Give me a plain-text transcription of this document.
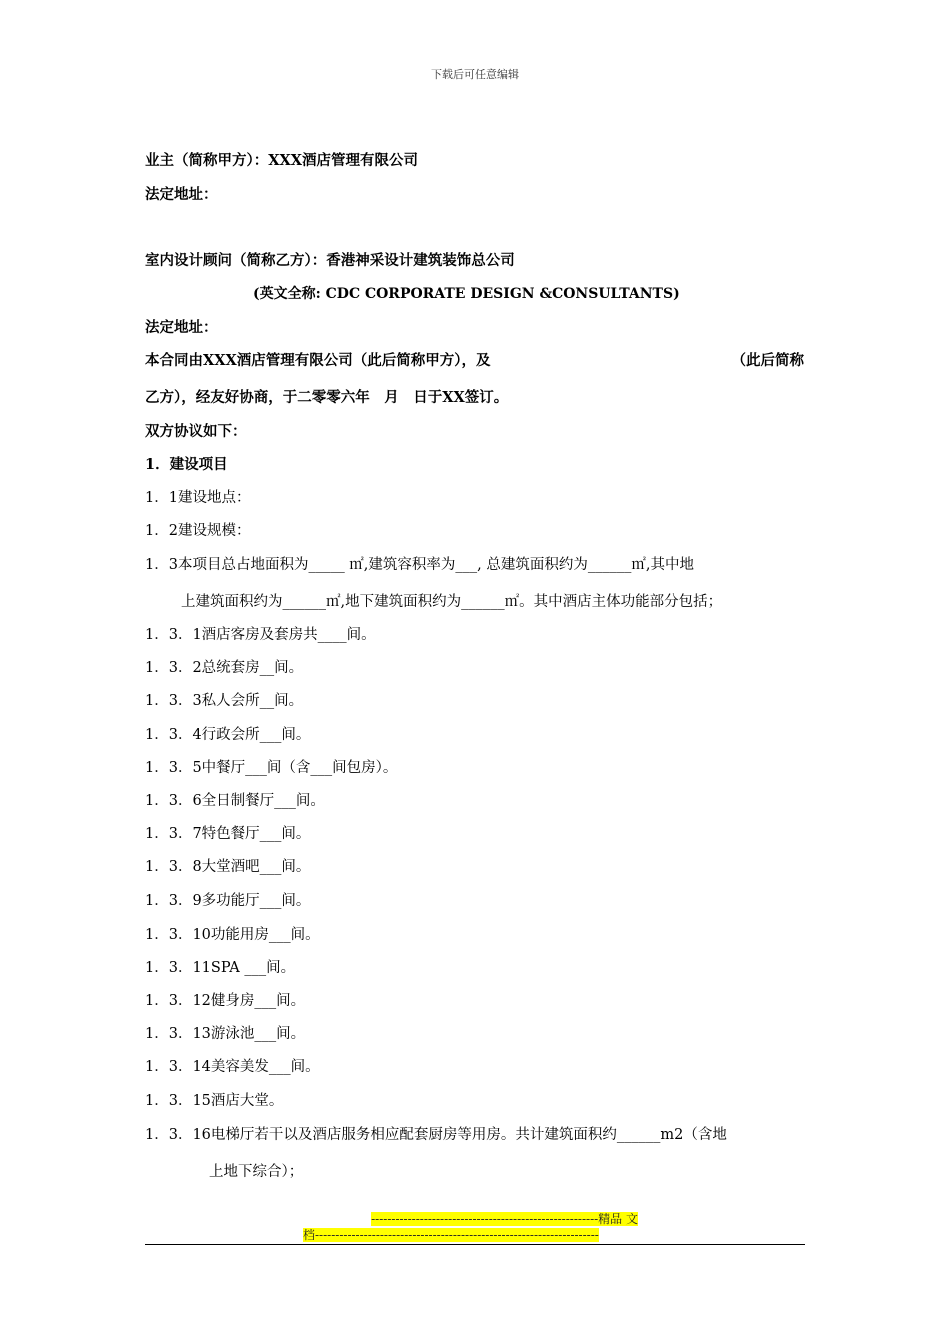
下载后可任意编辑
业主（简称甲方）：XXX酒店管理有限公司
法定地址：
室内设计顾问（简称乙方）：香港神采设计建筑装饰总公司
(英文全称: CDC CORPORATE DESIGN &CONSULTANTS)
法定地址：
本合同由XXX酒店管理有限公司（此后简称甲方），及	（此后简称
乙方），经友好协商，于二零零六年　月　日于XX签订。
双方协议如下：
1．建设项目
1．1建设地点：
1．2建设规模：
1．3本项目总占地面积为_____ ㎡,建筑容积率为___, 总建筑面积约为______㎡,其中地
上建筑面积约为______㎡,地下建筑面积约为______㎡。其中酒店主体功能部分包括；
1．3．1酒店客房及套房共____间。
1．3．2总统套房__间。
1．3．3私人会所__间。
1．3．4行政会所___间。
1．3．5中餐厅___间（含___间包房）。
1．3．6全日制餐厅___间。
1．3．7特色餐厅___间。
1．3．8大堂酒吧___间。
1．3．9多功能厅___间。
1．3．10功能用房___间。
1．3．11SPA ___间。
1．3．12健身房___间。
1．3．13游泳池___间。
1．3．14美容美发___间。
1．3．15酒店大堂。
1．3．16电梯厅若干以及酒店服务相应配套厨房等用房。共计建筑面积约______m2（含地
上地下综合）；
--------------------------------------------------------精品 文
档----------------------------------------------------------------------
